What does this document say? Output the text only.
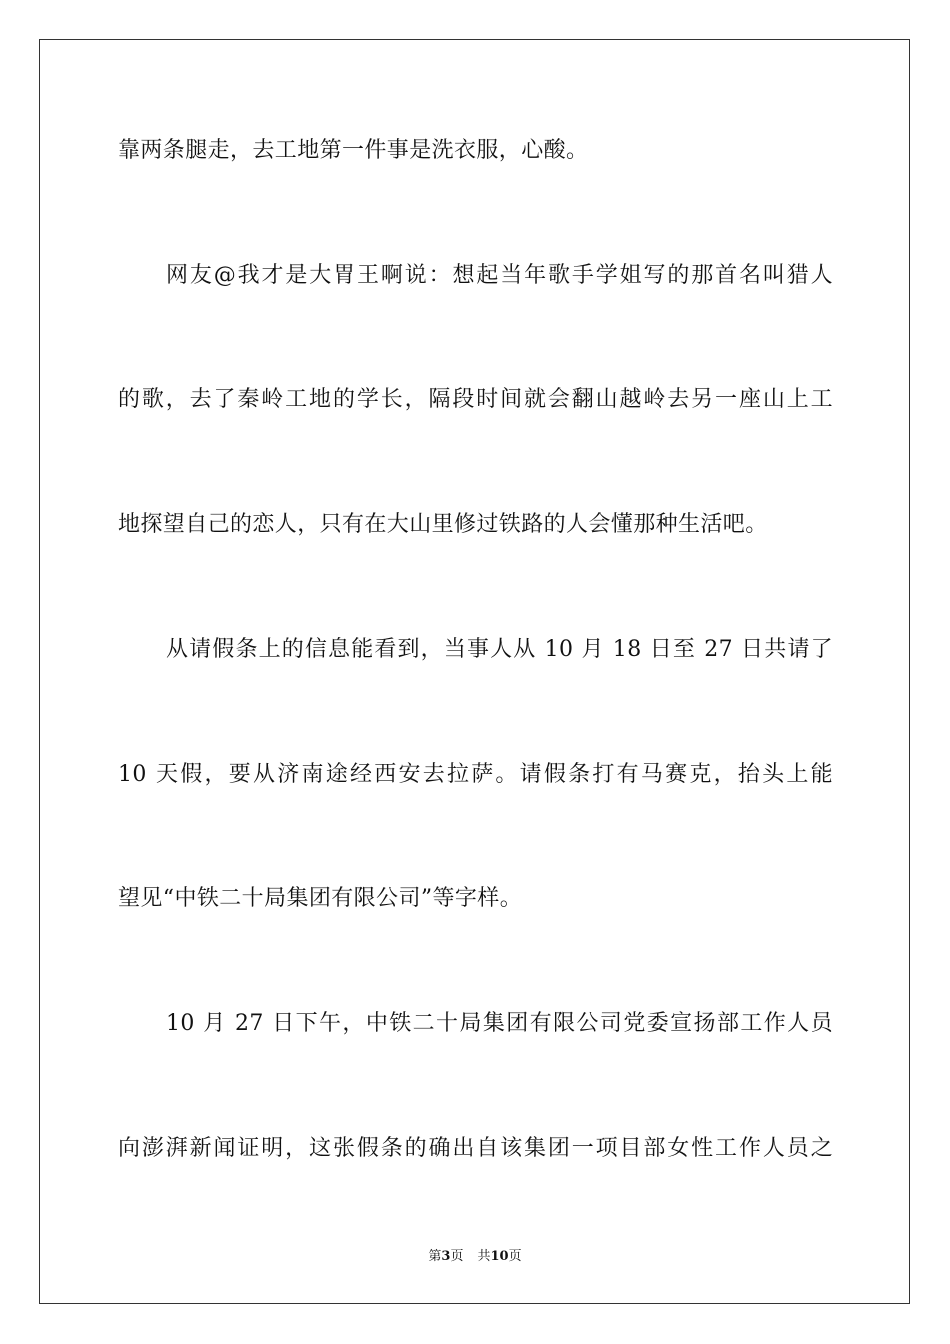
靠两条腿走，去工地第一件事是洗衣服，心酸。
网友@我才是大胃王啊说：想起当年歌手学姐写的那首名叫猎人
的歌，去了秦岭工地的学长，隔段时间就会翻山越岭去另一座山上工
地探望自己的恋人，只有在大山里修过铁路的人会懂那种生活吧。
从请假条上的信息能看到，当事人从 10 月 18 日至 27 日共请了
10 天假，要从济南途经西安去拉萨。请假条打有马赛克，抬头上能
望见“中铁二十局集团有限公司”等字样。
10 月 27 日下午，中铁二十局集团有限公司党委宣扬部工作人员
向澎湃新闻证明，这张假条的确出自该集团一项目部女性工作人员之
第3页 共10页
